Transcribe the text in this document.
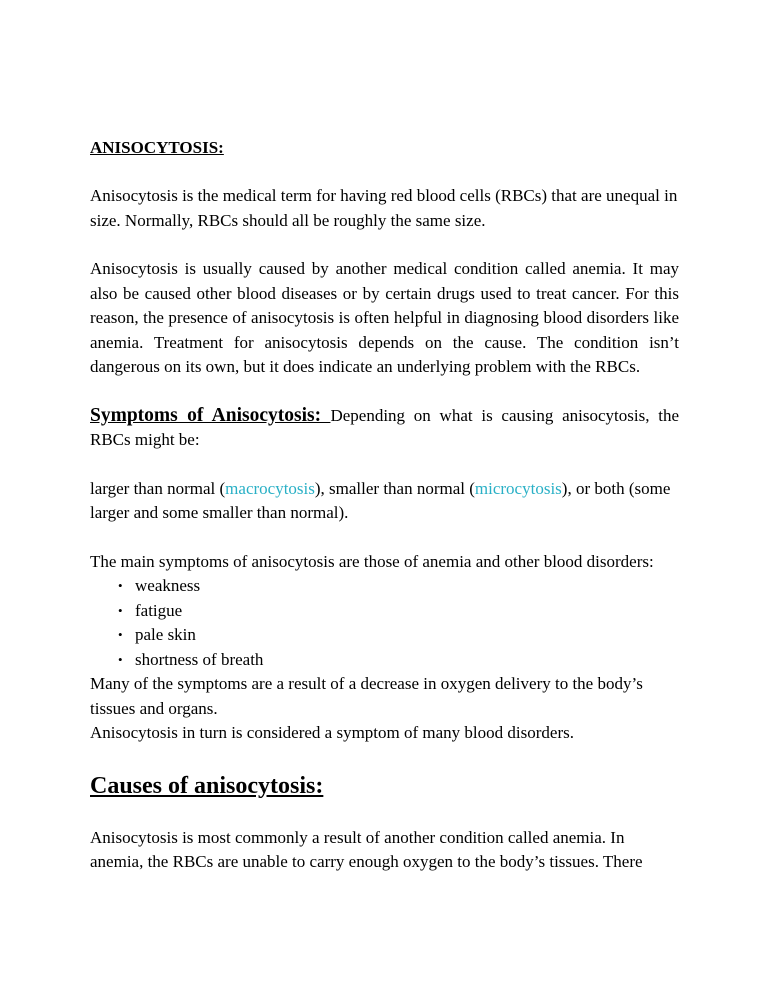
ANISOCYTOSIS:

Anisocytosis is the medical term for having red blood cells (RBCs) that are unequal in size. Normally, RBCs should all be roughly the same size.

Anisocytosis is usually caused by another medical condition called anemia. It may also be caused other blood diseases or by certain drugs used to treat cancer. For this reason, the presence of anisocytosis is often helpful in diagnosing blood disorders like anemia. Treatment for anisocytosis depends on the cause. The condition isn’t dangerous on its own, but it does indicate an underlying problem with the RBCs.

Symptoms of Anisocytosis: Depending on what is causing anisocytosis, the RBCs might be:

larger than normal (macrocytosis), smaller than normal (microcytosis), or both (some larger and some smaller than normal).

The main symptoms of anisocytosis are those of anemia and other blood disorders:

• weakness
• fatigue
• pale skin
• shortness of breath

Many of the symptoms are a result of a decrease in oxygen delivery to the body’s tissues and organs.

Anisocytosis in turn is considered a symptom of many blood disorders.

Causes of anisocytosis:

Anisocytosis is most commonly a result of another condition called anemia. In anemia, the RBCs are unable to carry enough oxygen to the body’s tissues. There
